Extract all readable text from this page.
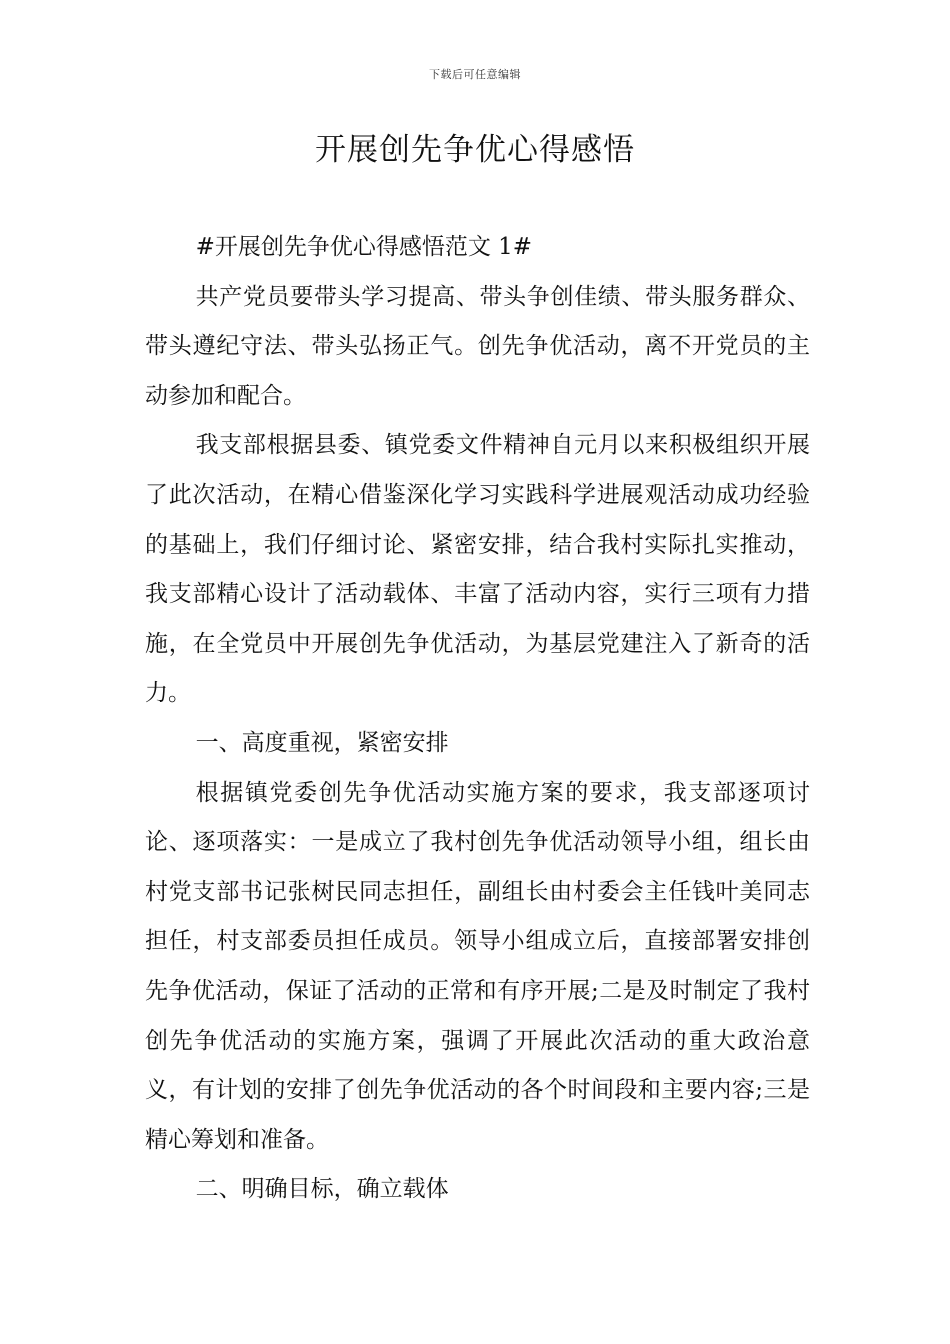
下载后可任意编辑
开展创先争优心得感悟

#开展创先争优心得感悟范文 1#

共产党员要带头学习提高、带头争创佳绩、带头服务群众、带头遵纪守法、带头弘扬正气。创先争优活动，离不开党员的主动参加和配合。

我支部根据县委、镇党委文件精神自元月以来积极组织开展了此次活动，在精心借鉴深化学习实践科学进展观活动成功经验的基础上，我们仔细讨论、紧密安排，结合我村实际扎实推动，我支部精心设计了活动载体、丰富了活动内容，实行三项有力措施，在全党员中开展创先争优活动，为基层党建注入了新奇的活力。

一、高度重视，紧密安排

根据镇党委创先争优活动实施方案的要求，我支部逐项讨论、逐项落实：一是成立了我村创先争优活动领导小组，组长由村党支部书记张树民同志担任，副组长由村委会主任钱叶美同志担任，村支部委员担任成员。领导小组成立后，直接部署安排创先争优活动，保证了活动的正常和有序开展;二是及时制定了我村创先争优活动的实施方案，强调了开展此次活动的重大政治意义，有计划的安排了创先争优活动的各个时间段和主要内容;三是精心筹划和准备。

二、明确目标，确立载体
